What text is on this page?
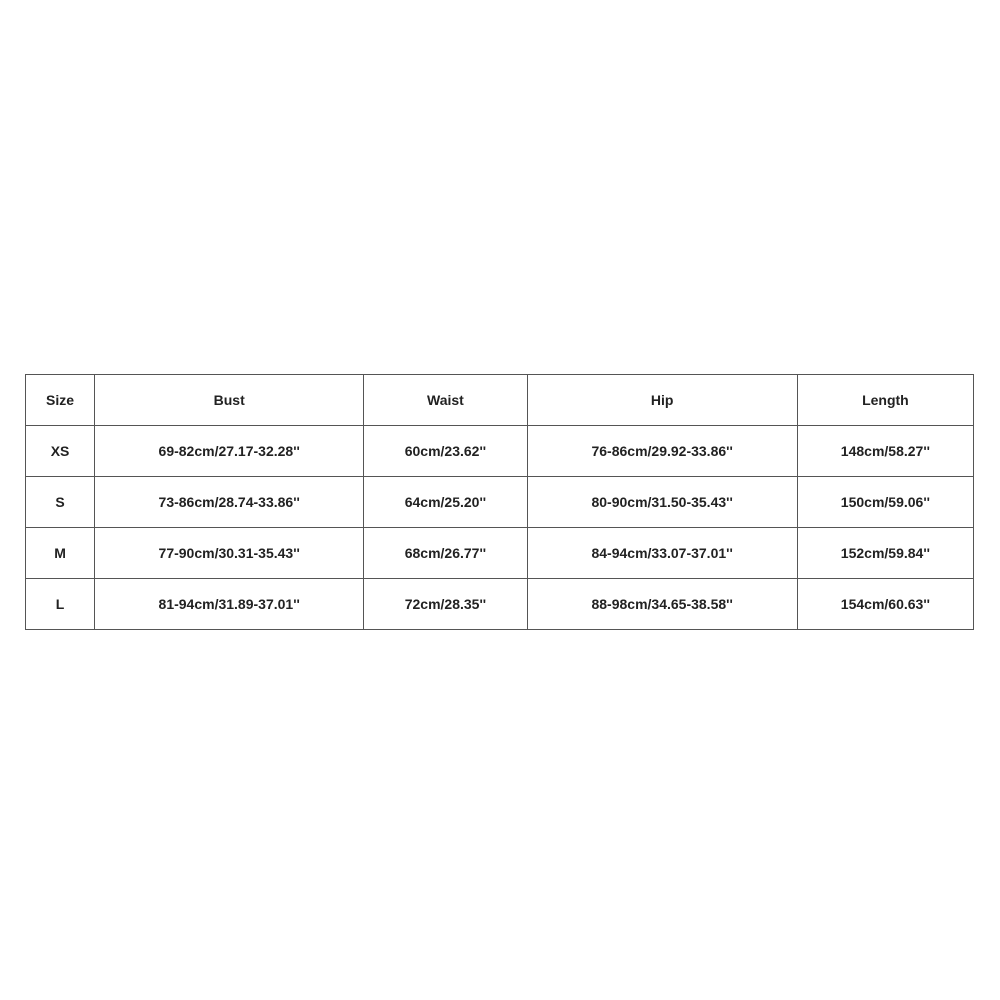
Size	Bust	Waist	Hip	Length
XS	69-82cm/27.17-32.28''	60cm/23.62''	76-86cm/29.92-33.86''	148cm/58.27''
S	73-86cm/28.74-33.86''	64cm/25.20''	80-90cm/31.50-35.43''	150cm/59.06''
M	77-90cm/30.31-35.43''	68cm/26.77''	84-94cm/33.07-37.01''	152cm/59.84''
L	81-94cm/31.89-37.01''	72cm/28.35''	88-98cm/34.65-38.58''	154cm/60.63''
